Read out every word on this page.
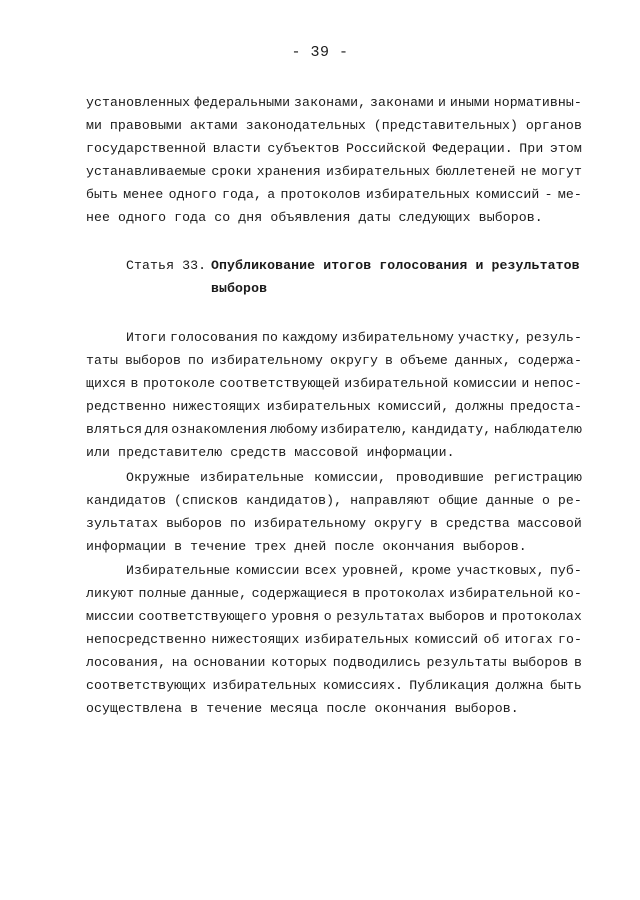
- 39 -
установленных федеральными законами, законами и иными нормативны-
ми правовыми актами законодательных (представительных) органов
государственной власти субъектов Российской Федерации. При этом
устанавливаемые сроки хранения избирательных бюллетеней не могут
быть менее одного года, а протоколов избирательных комиссий - ме-
нее одного года со дня объявления даты следующих выборов.
Статья 33. Опубликование итогов голосования и результатов
выборов
Итоги голосования по каждому избирательному участку, резуль-
таты выборов по избирательному округу в объеме данных, содержа-
щихся в протоколе соответствующей избирательной комиссии и непос-
редственно нижестоящих избирательных комиссий, должны предоста-
вляться для ознакомления любому избирателю, кандидату, наблюдателю
или представителю средств массовой информации.
Окружные избирательные комиссии, проводившие регистрацию
кандидатов (списков кандидатов), направляют общие данные о ре-
зультатах выборов по избирательному округу в средства массовой
информации в течение трех дней после окончания выборов.
Избирательные комиссии всех уровней, кроме участковых, пуб-
ликуют полные данные, содержащиеся в протоколах избирательной ко-
миссии соответствующего уровня о результатах выборов и протоколах
непосредственно нижестоящих избирательных комиссий об итогах го-
лосования, на основании которых подводились результаты выборов в
соответствующих избирательных комиссиях. Публикация должна быть
осуществлена в течение месяца после окончания выборов.
